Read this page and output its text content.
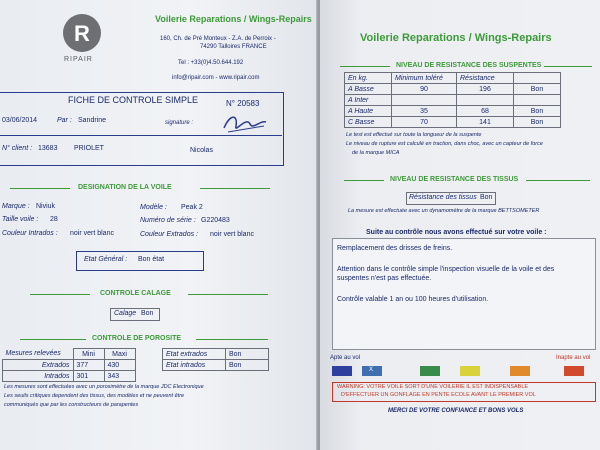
R
RIPAIR
Voilerie Reparations / Wings-Repairs
160, Ch. de Pré Monteux - Z.A. de Perroix -
74290 Talloires FRANCE
Tel : +33(0)4.50.644.192
info@ripair.com - www.ripair.com
FICHE DE CONTROLE SIMPLE	N° 20583
03/06/2014	Par : Sandrine	signature :
N° client : 13683 PRIOLET	Nicolas
DESIGNATION DE LA VOILE
Marque : Niviuk	Modèle : Peak 2
Taille voile : 28	Numéro de série : G220483
Couleur Intrados : noir vert blanc	Couleur Extrados : noir vert blanc
Etat Général : Bon état
CONTROLE CALAGE
Calage Bon
CONTROLE DE POROSITE
Mesures relevées	Mini	Maxi
Extrados	377	430
Intrados	301	343
Etat extrados	Bon
Etat intrados	Bon
Les mesures sont effectuées avec un porosimètre de la marque JDC Electronique
Les seuils critiques dependent des tissus, des modèles et ne peuvent être
communiqués que par les constructeurs de parapentes
Voilerie Reparations / Wings-Repairs
NIVEAU DE RESISTANCE DES SUSPENTES
En kg.	Minimum toléré	Résistance	
A Basse	90	196	Bon
A Inter			
A Haute	35	68	Bon
C Basse	70	141	Bon
Le test est effectué sur toute la longueur de la suspente
Le niveau de rupture est calculé en traction, dans choc, avec un capteur de force
de la marque MICA
NIVEAU DE RESISTANCE DES TISSUS
Résistance des tissus Bon
La mesure est effectuée avec un dynamomètre de la marque BETTSOMETER
Suite au contrôle nous avons effectué sur votre voile :
Remplacement des drisses de freins.
Attention dans le contrôle simple l'inspection visuelle de la voile et des suspentes n'est pas effectuée.
Contrôle valable 1 an ou 100 heures d'utilisation.
Apte au vol	Inapte au vol
X
WARNING: VOTRE VOILE SORT D'UNE VOILERIE IL EST INDISPENSABLE
D'EFFECTUER UN GONFLAGE EN PENTE ECOLE AVANT LE PREMIER VOL
MERCI DE VOTRE CONFIANCE ET BONS VOLS
